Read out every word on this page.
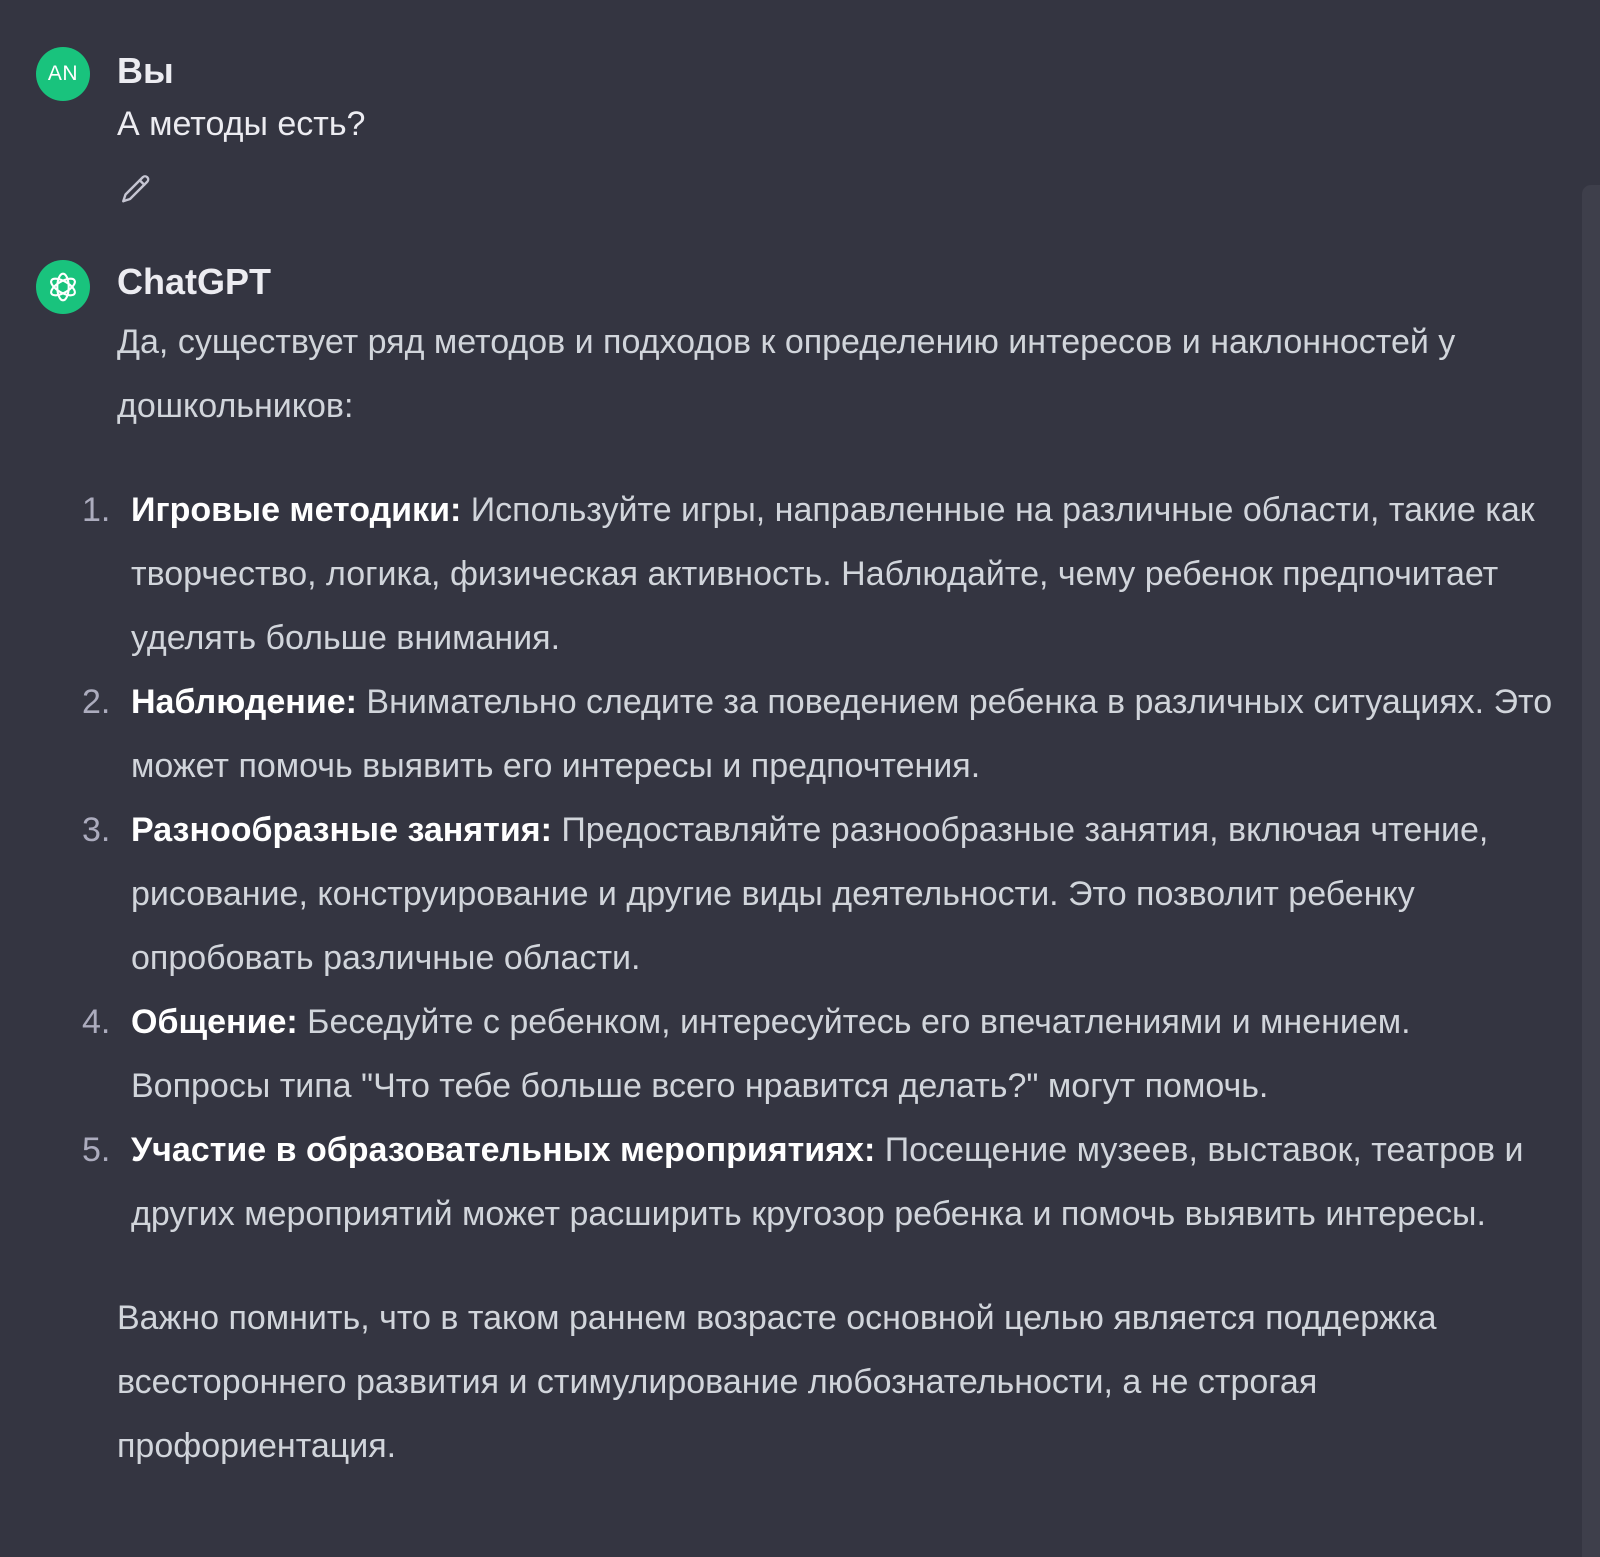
AN Вы
А методы есть?
ChatGPT

Да, существует ряд методов и подходов к определению интересов и наклонностей у дошкольников:

1. Игровые методики: Используйте игры, направленные на различные области, такие как творчество, логика, физическая активность. Наблюдайте, чему ребенок предпочитает уделять больше внимания.
2. Наблюдение: Внимательно следите за поведением ребенка в различных ситуациях. Это может помочь выявить его интересы и предпочтения.
3. Разнообразные занятия: Предоставляйте разнообразные занятия, включая чтение, рисование, конструирование и другие виды деятельности. Это позволит ребенку опробовать различные области.
4. Общение: Беседуйте с ребенком, интересуйтесь его впечатлениями и мнением. Вопросы типа "Что тебе больше всего нравится делать?" могут помочь.
5. Участие в образовательных мероприятиях: Посещение музеев, выставок, театров и других мероприятий может расширить кругозор ребенка и помочь выявить интересы.

Важно помнить, что в таком раннем возрасте основной целью является поддержка всестороннего развития и стимулирование любознательности, а не строгая профориентация.
